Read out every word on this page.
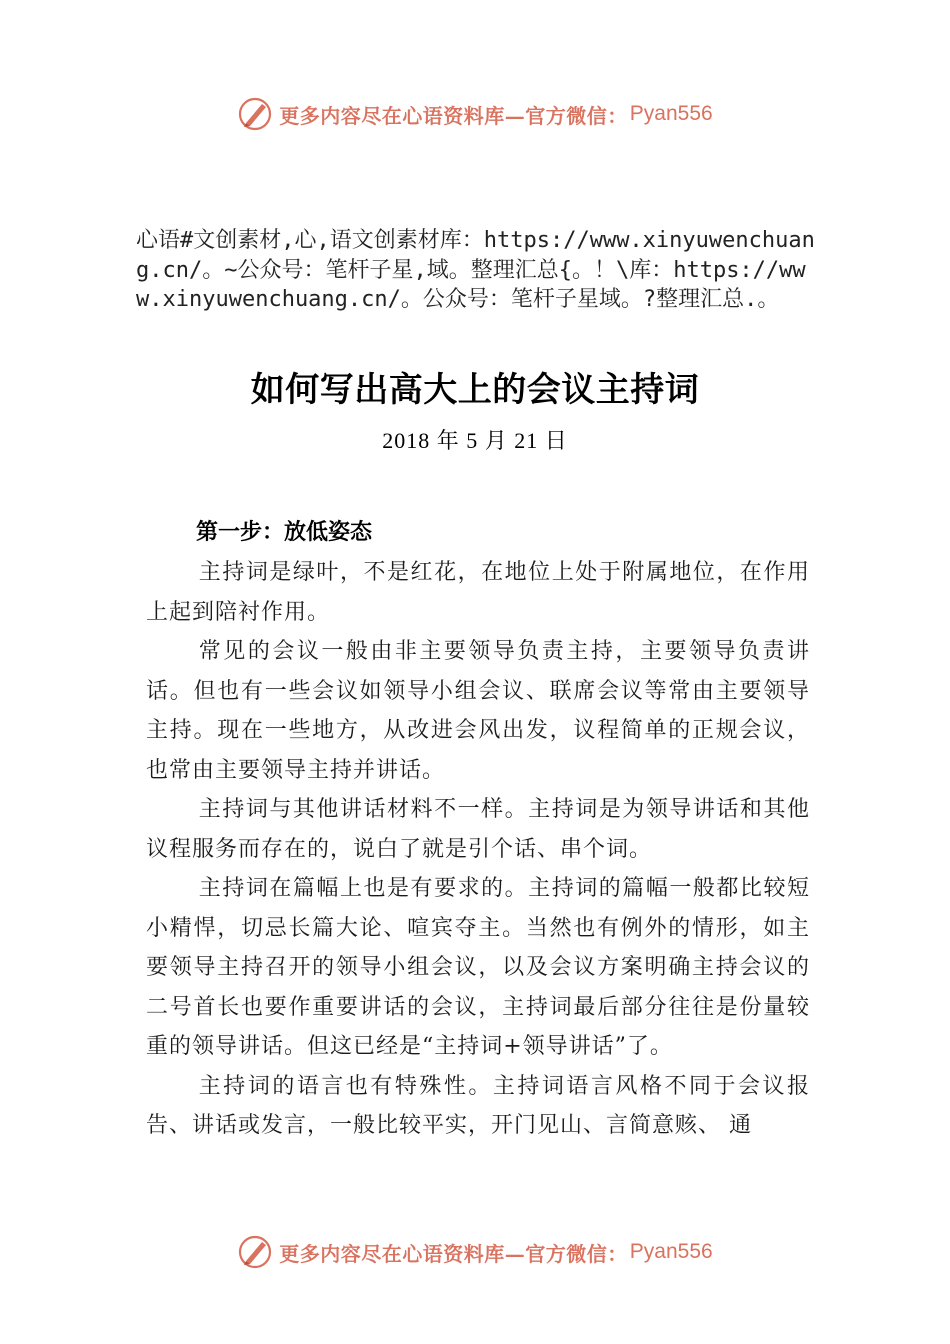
更多内容尽在心语资料库—官方微信： Pyan556
心语#文创素材,心,语文创素材库：https://www.xinyuwenchuang.cn/。~公众号：笔杆子星,域。整理汇总{。！\库：https://www.xinyuwenchuang.cn/。公众号：笔杆子星域。?整理汇总.。
如何写出高大上的会议主持词
2018 年 5 月 21 日
第一步：放低姿态

主持词是绿叶，不是红花，在地位上处于附属地位，在作用上起到陪衬作用。

常见的会议一般由非主要领导负责主持，主要领导负责讲话。但也有一些会议如领导小组会议、联席会议等常由主要领导主持。现在一些地方，从改进会风出发，议程简单的正规会议，也常由主要领导主持并讲话。

主持词与其他讲话材料不一样。主持词是为领导讲话和其他议程服务而存在的，说白了就是引个话、串个词。

主持词在篇幅上也是有要求的。主持词的篇幅一般都比较短小精悍，切忌长篇大论、喧宾夺主。当然也有例外的情形，如主要领导主持召开的领导小组会议，以及会议方案明确主持会议的二号首长也要作重要讲话的会议，主持词最后部分往往是份量较重的领导讲话。但这已经是“主持词+领导讲话”了。

主持词的语言也有特殊性。主持词语言风格不同于会议报告、讲话或发言，一般比较平实，开门见山、言简意赅、 通

更多内容尽在心语资料库—官方微信： Pyan556
